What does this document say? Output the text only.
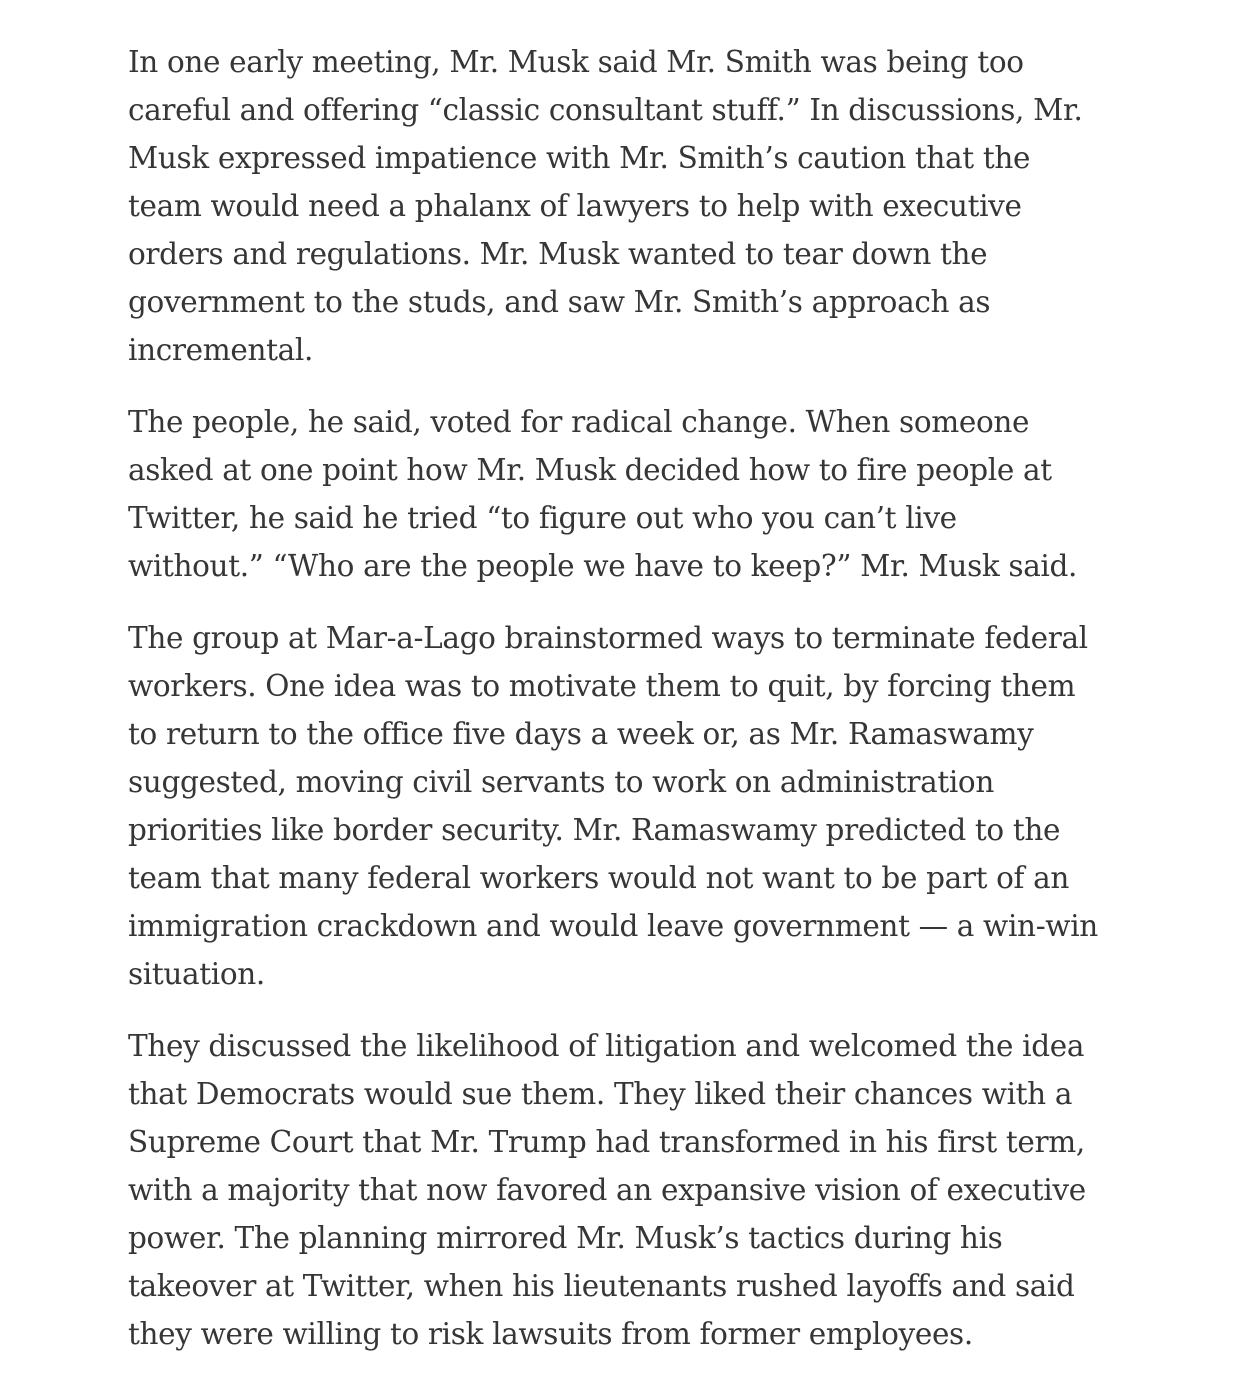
In one early meeting, Mr. Musk said Mr. Smith was being too careful and offering “classic consultant stuff.” In discussions, Mr. Musk expressed impatience with Mr. Smith’s caution that the team would need a phalanx of lawyers to help with executive orders and regulations. Mr. Musk wanted to tear down the government to the studs, and saw Mr. Smith’s approach as incremental.

The people, he said, voted for radical change. When someone asked at one point how Mr. Musk decided how to fire people at Twitter, he said he tried “to figure out who you can’t live without.” “Who are the people we have to keep?” Mr. Musk said.

The group at Mar-a-Lago brainstormed ways to terminate federal workers. One idea was to motivate them to quit, by forcing them to return to the office five days a week or, as Mr. Ramaswamy suggested, moving civil servants to work on administration priorities like border security. Mr. Ramaswamy predicted to the team that many federal workers would not want to be part of an immigration crackdown and would leave government — a win-win situation.

They discussed the likelihood of litigation and welcomed the idea that Democrats would sue them. They liked their chances with a Supreme Court that Mr. Trump had transformed in his first term, with a majority that now favored an expansive vision of executive power. The planning mirrored Mr. Musk’s tactics during his takeover at Twitter, when his lieutenants rushed layoffs and said they were willing to risk lawsuits from former employees.
